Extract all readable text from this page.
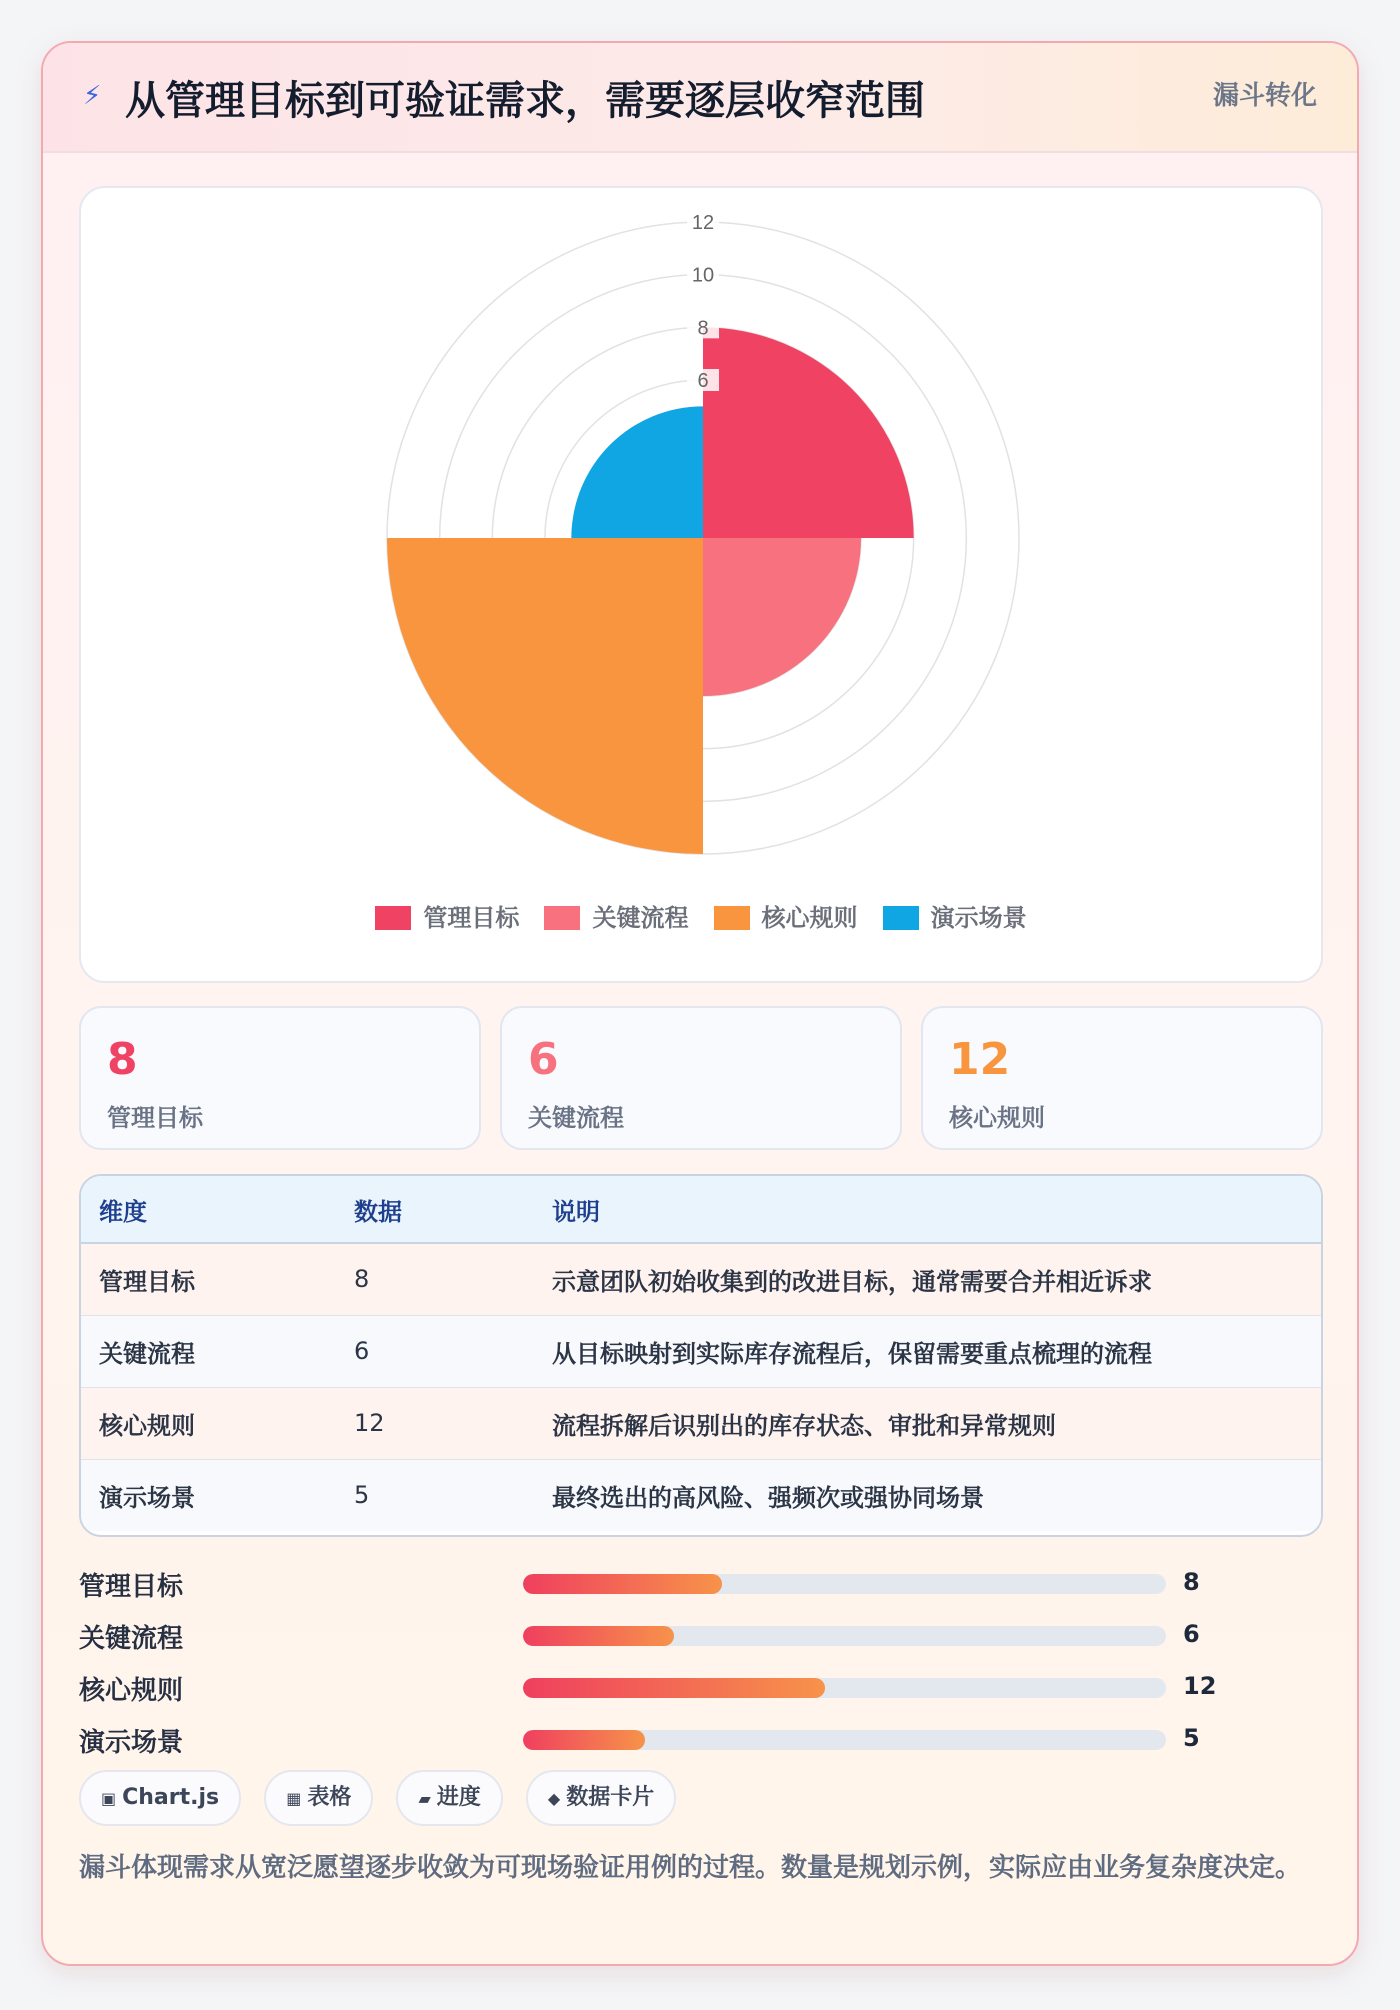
⚡ 从管理目标到可验证需求，需要逐层收窄范围	漏斗转化
6
8
10
12
管理目标	关键流程	核心规则	演示场景
8
管理目标
6
关键流程
12
核心规则
维度	数据	说明
管理目标	8	示意团队初始收集到的改进目标，通常需要合并相近诉求
关键流程	6	从目标映射到实际库存流程后，保留需要重点梳理的流程
核心规则	12	流程拆解后识别出的库存状态、审批和异常规则
演示场景	5	最终选出的高风险、强频次或强协同场景
管理目标	8
关键流程	6
核心规则	12
演示场景	5
▣ Chart.js	▦ 表格	▰ 进度	◆ 数据卡片
漏斗体现需求从宽泛愿望逐步收敛为可现场验证用例的过程。数量是规划示例，实际应由业务复杂度决定。
